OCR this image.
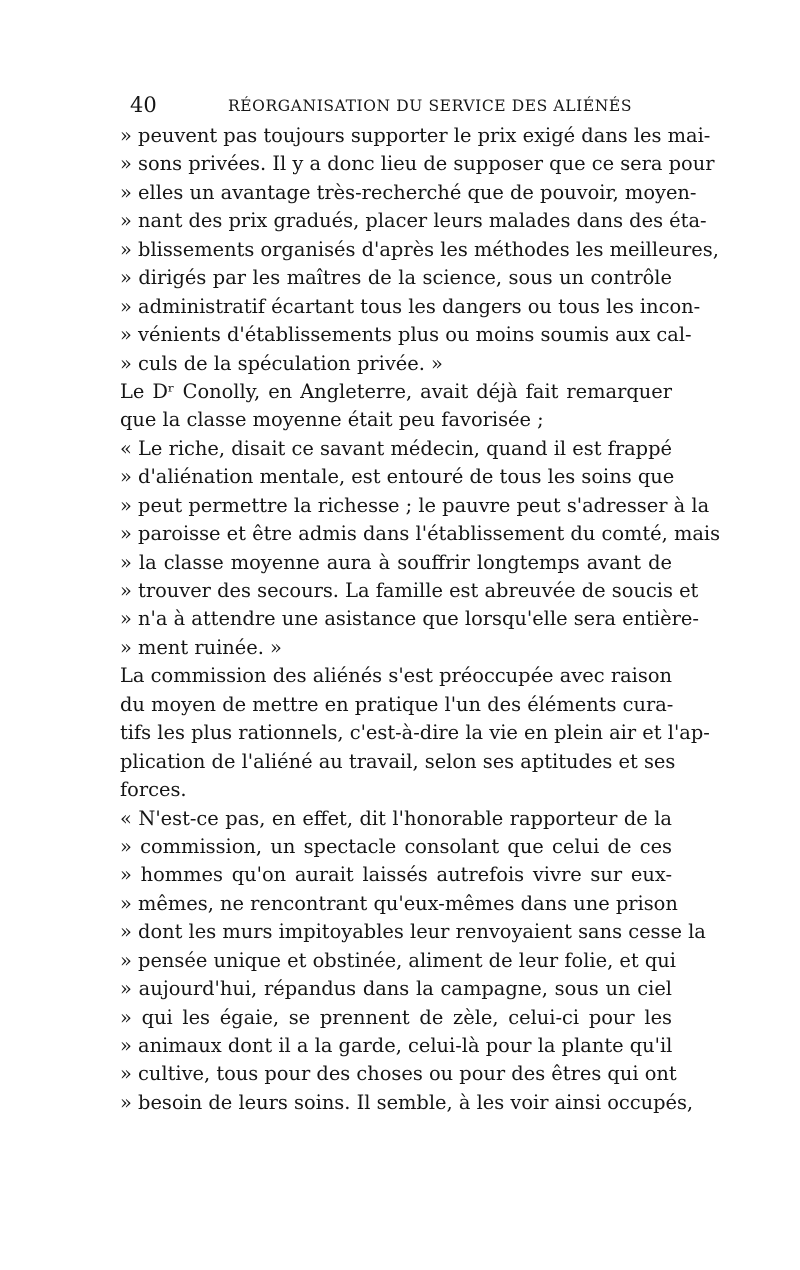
40	RÉORGANISATION DU SERVICE DES ALIÉNÉS
» peuvent pas toujours supporter le prix exigé dans les mai-
» sons privées. Il y a donc lieu de supposer que ce sera pour
» elles un avantage très-recherché que de pouvoir, moyen-
» nant des prix gradués, placer leurs malades dans des éta-
» blissements organisés d'après les méthodes les meilleures,
» dirigés par les maîtres de la science, sous un contrôle
» administratif écartant tous les dangers ou tous les incon-
» vénients d'établissements plus ou moins soumis aux cal-
» culs de la spéculation privée. »
Le Dʳ Conolly, en Angleterre, avait déjà fait remarquer
que la classe moyenne était peu favorisée ;
« Le riche, disait ce savant médecin, quand il est frappé
» d'aliénation mentale, est entouré de tous les soins que
» peut permettre la richesse ; le pauvre peut s'adresser à la
» paroisse et être admis dans l'établissement du comté, mais
» la classe moyenne aura à souffrir longtemps avant de
» trouver des secours. La famille est abreuvée de soucis et
» n'a à attendre une asistance que lorsqu'elle sera entière-
» ment ruinée. »
La commission des aliénés s'est préoccupée avec raison
du moyen de mettre en pratique l'un des éléments cura-
tifs les plus rationnels, c'est-à-dire la vie en plein air et l'ap-
plication de l'aliéné au travail, selon ses aptitudes et ses
forces.
« N'est-ce pas, en effet, dit l'honorable rapporteur de la
» commission, un spectacle consolant que celui de ces
» hommes qu'on aurait laissés autrefois vivre sur eux-
» mêmes, ne rencontrant qu'eux-mêmes dans une prison
» dont les murs impitoyables leur renvoyaient sans cesse la
» pensée unique et obstinée, aliment de leur folie, et qui
» aujourd'hui, répandus dans la campagne, sous un ciel
» qui les égaie, se prennent de zèle, celui-ci pour les
» animaux dont il a la garde, celui-là pour la plante qu'il
» cultive, tous pour des choses ou pour des êtres qui ont
» besoin de leurs soins. Il semble, à les voir ainsi occupés,
